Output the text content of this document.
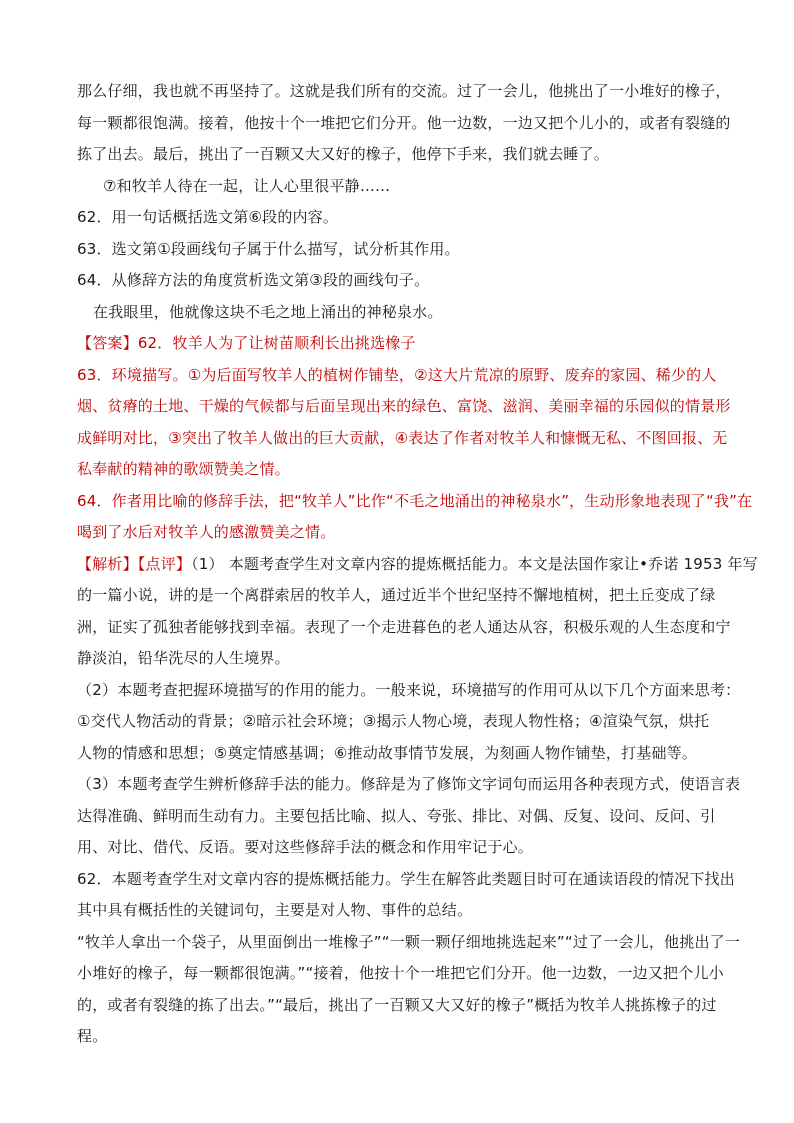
那么仔细，我也就不再坚持了。这就是我们所有的交流。过了一会儿，他挑出了一小堆好的橡子，
每一颗都很饱满。接着，他按十个一堆把它们分开。他一边数，一边又把个儿小的，或者有裂缝的
拣了出去。最后，挑出了一百颗又大又好的橡子，他停下手来，我们就去睡了。
⑦和牧羊人待在一起，让人心里很平静……
62．用一句话概括选文第⑥段的内容。
63．选文第①段画线句子属于什么描写，试分析其作用。
64．从修辞方法的角度赏析选文第③段的画线句子。
在我眼里，他就像这块不毛之地上涌出的神秘泉水。
【答案】62．牧羊人为了让树苗顺利长出挑选橡子
63．环境描写。①为后面写牧羊人的植树作铺垫，②这大片荒凉的原野、废弃的家园、稀少的人
烟、贫瘠的土地、干燥的气候都与后面呈现出来的绿色、富饶、滋润、美丽幸福的乐园似的情景形
成鲜明对比，③突出了牧羊人做出的巨大贡献，④表达了作者对牧羊人和慷慨无私、不图回报、无
私奉献的精神的歌颂赞美之情。
64．作者用比喻的修辞手法，把“牧羊人”比作“不毛之地涌出的神秘泉水”，生动形象地表现了“我”在
喝到了水后对牧羊人的感激赞美之情。
【解析】【点评】（1） 本题考查学生对文章内容的提炼概括能力。本文是法国作家让•乔诺 1953 年写
的一篇小说，讲的是一个离群索居的牧羊人，通过近半个世纪坚持不懈地植树，把土丘变成了绿
洲，证实了孤独者能够找到幸福。表现了一个走进暮色的老人通达从容，积极乐观的人生态度和宁
静淡泊，铅华洗尽的人生境界。
（2）本题考查把握环境描写的作用的能力。一般来说，环境描写的作用可从以下几个方面来思考：
①交代人物活动的背景；②暗示社会环境；③揭示人物心境，表现人物性格；④渲染气氛，烘托
人物的情感和思想；⑤奠定情感基调；⑥推动故事情节发展，为刻画人物作铺垫，打基础等。
（3）本题考查学生辨析修辞手法的能力。修辞是为了修饰文字词句而运用各种表现方式，使语言表
达得准确、鲜明而生动有力。主要包括比喻、拟人、夸张、排比、对偶、反复、设问、反问、引
用、对比、借代、反语。要对这些修辞手法的概念和作用牢记于心。
62．本题考查学生对文章内容的提炼概括能力。学生在解答此类题目时可在通读语段的情况下找出
其中具有概括性的关键词句，主要是对人物、事件的总结。
“牧羊人拿出一个袋子，从里面倒出一堆橡子”“一颗一颗仔细地挑选起来”“过了一会儿，他挑出了一
小堆好的橡子，每一颗都很饱满。”“接着，他按十个一堆把它们分开。他一边数，一边又把个儿小
的，或者有裂缝的拣了出去。”“最后，挑出了一百颗又大又好的橡子”概括为牧羊人挑拣橡子的过
程。
